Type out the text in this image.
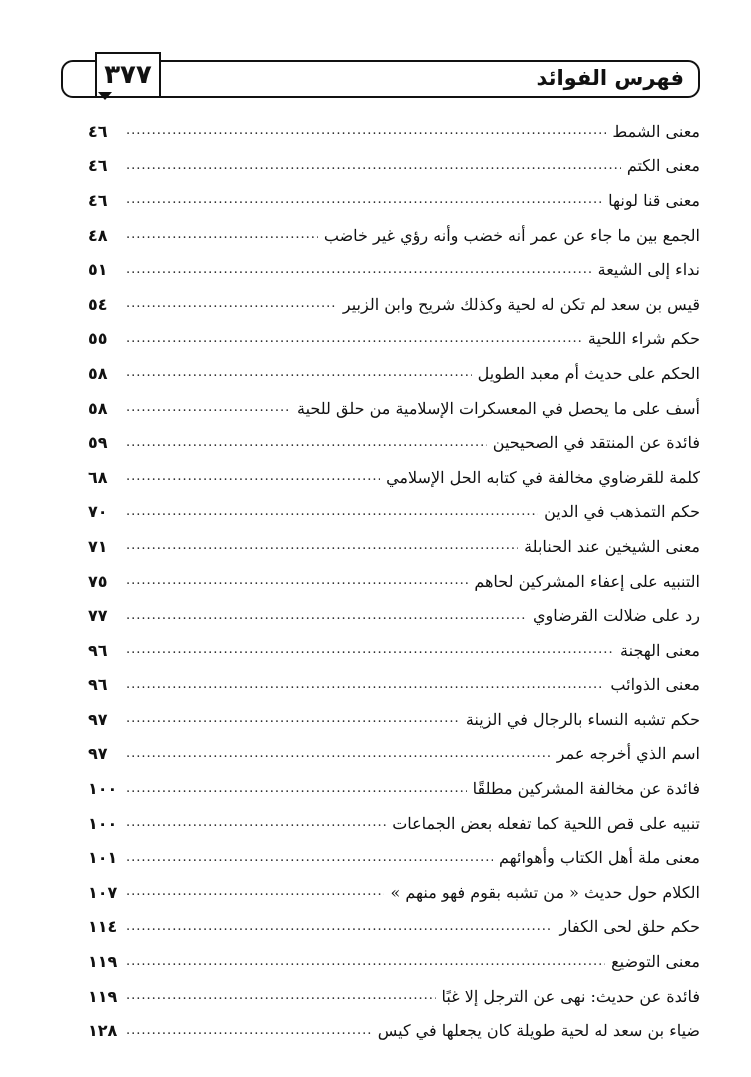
فهرس الفوائد
٣٧٧
معنى الشمط
.....
٤٦
معنى الكتم
.....
٤٦
معنى قنا لونها
.....
٤٦
الجمع بين ما جاء عن عمر أنه خضب وأنه رؤي غير خاضب
.....
٤٨
نداء إلى الشيعة
.....
٥١
قيس بن سعد لم تكن له لحية وكذلك شريح وابن الزبير
.....
٥٤
حكم شراء اللحية
.....
٥٥
الحكم على حديث أم معبد الطويل
.....
٥٨
أسف على ما يحصل في المعسكرات الإسلامية من حلق للحية
.....
٥٨
فائدة عن المنتقد في الصحيحين
.....
٥٩
كلمة للقرضاوي مخالفة في كتابه الحل الإسلامي
.....
٦٨
حكم التمذهب في الدين
.....
٧٠
معنى الشيخين عند الحنابلة
.....
٧١
التنبيه على إعفاء المشركين لحاهم
.....
٧٥
رد على ضلالت القرضاوي
.....
٧٧
معنى الهجنة
.....
٩٦
معنى الذوائب
.....
٩٦
حكم تشبه النساء بالرجال في الزينة
.....
٩٧
اسم الذي أخرجه عمر
.....
٩٧
فائدة عن مخالفة المشركين مطلقًا
.....
١٠٠
تنبيه على قص اللحية كما تفعله بعض الجماعات
.....
١٠٠
معنى ملة أهل الكتاب وأهوائهم
.....
١٠١
الكلام حول حديث « من تشبه بقوم فهو منهم »
.....
١٠٧
حكم حلق لحى الكفار
.....
١١٤
معنى التوضيع
.....
١١٩
فائدة عن حديث: نهى عن الترجل إلا غبًا
.....
١١٩
ضياء بن سعد له لحية طويلة كان يجعلها في كيس
.....
١٢٨
